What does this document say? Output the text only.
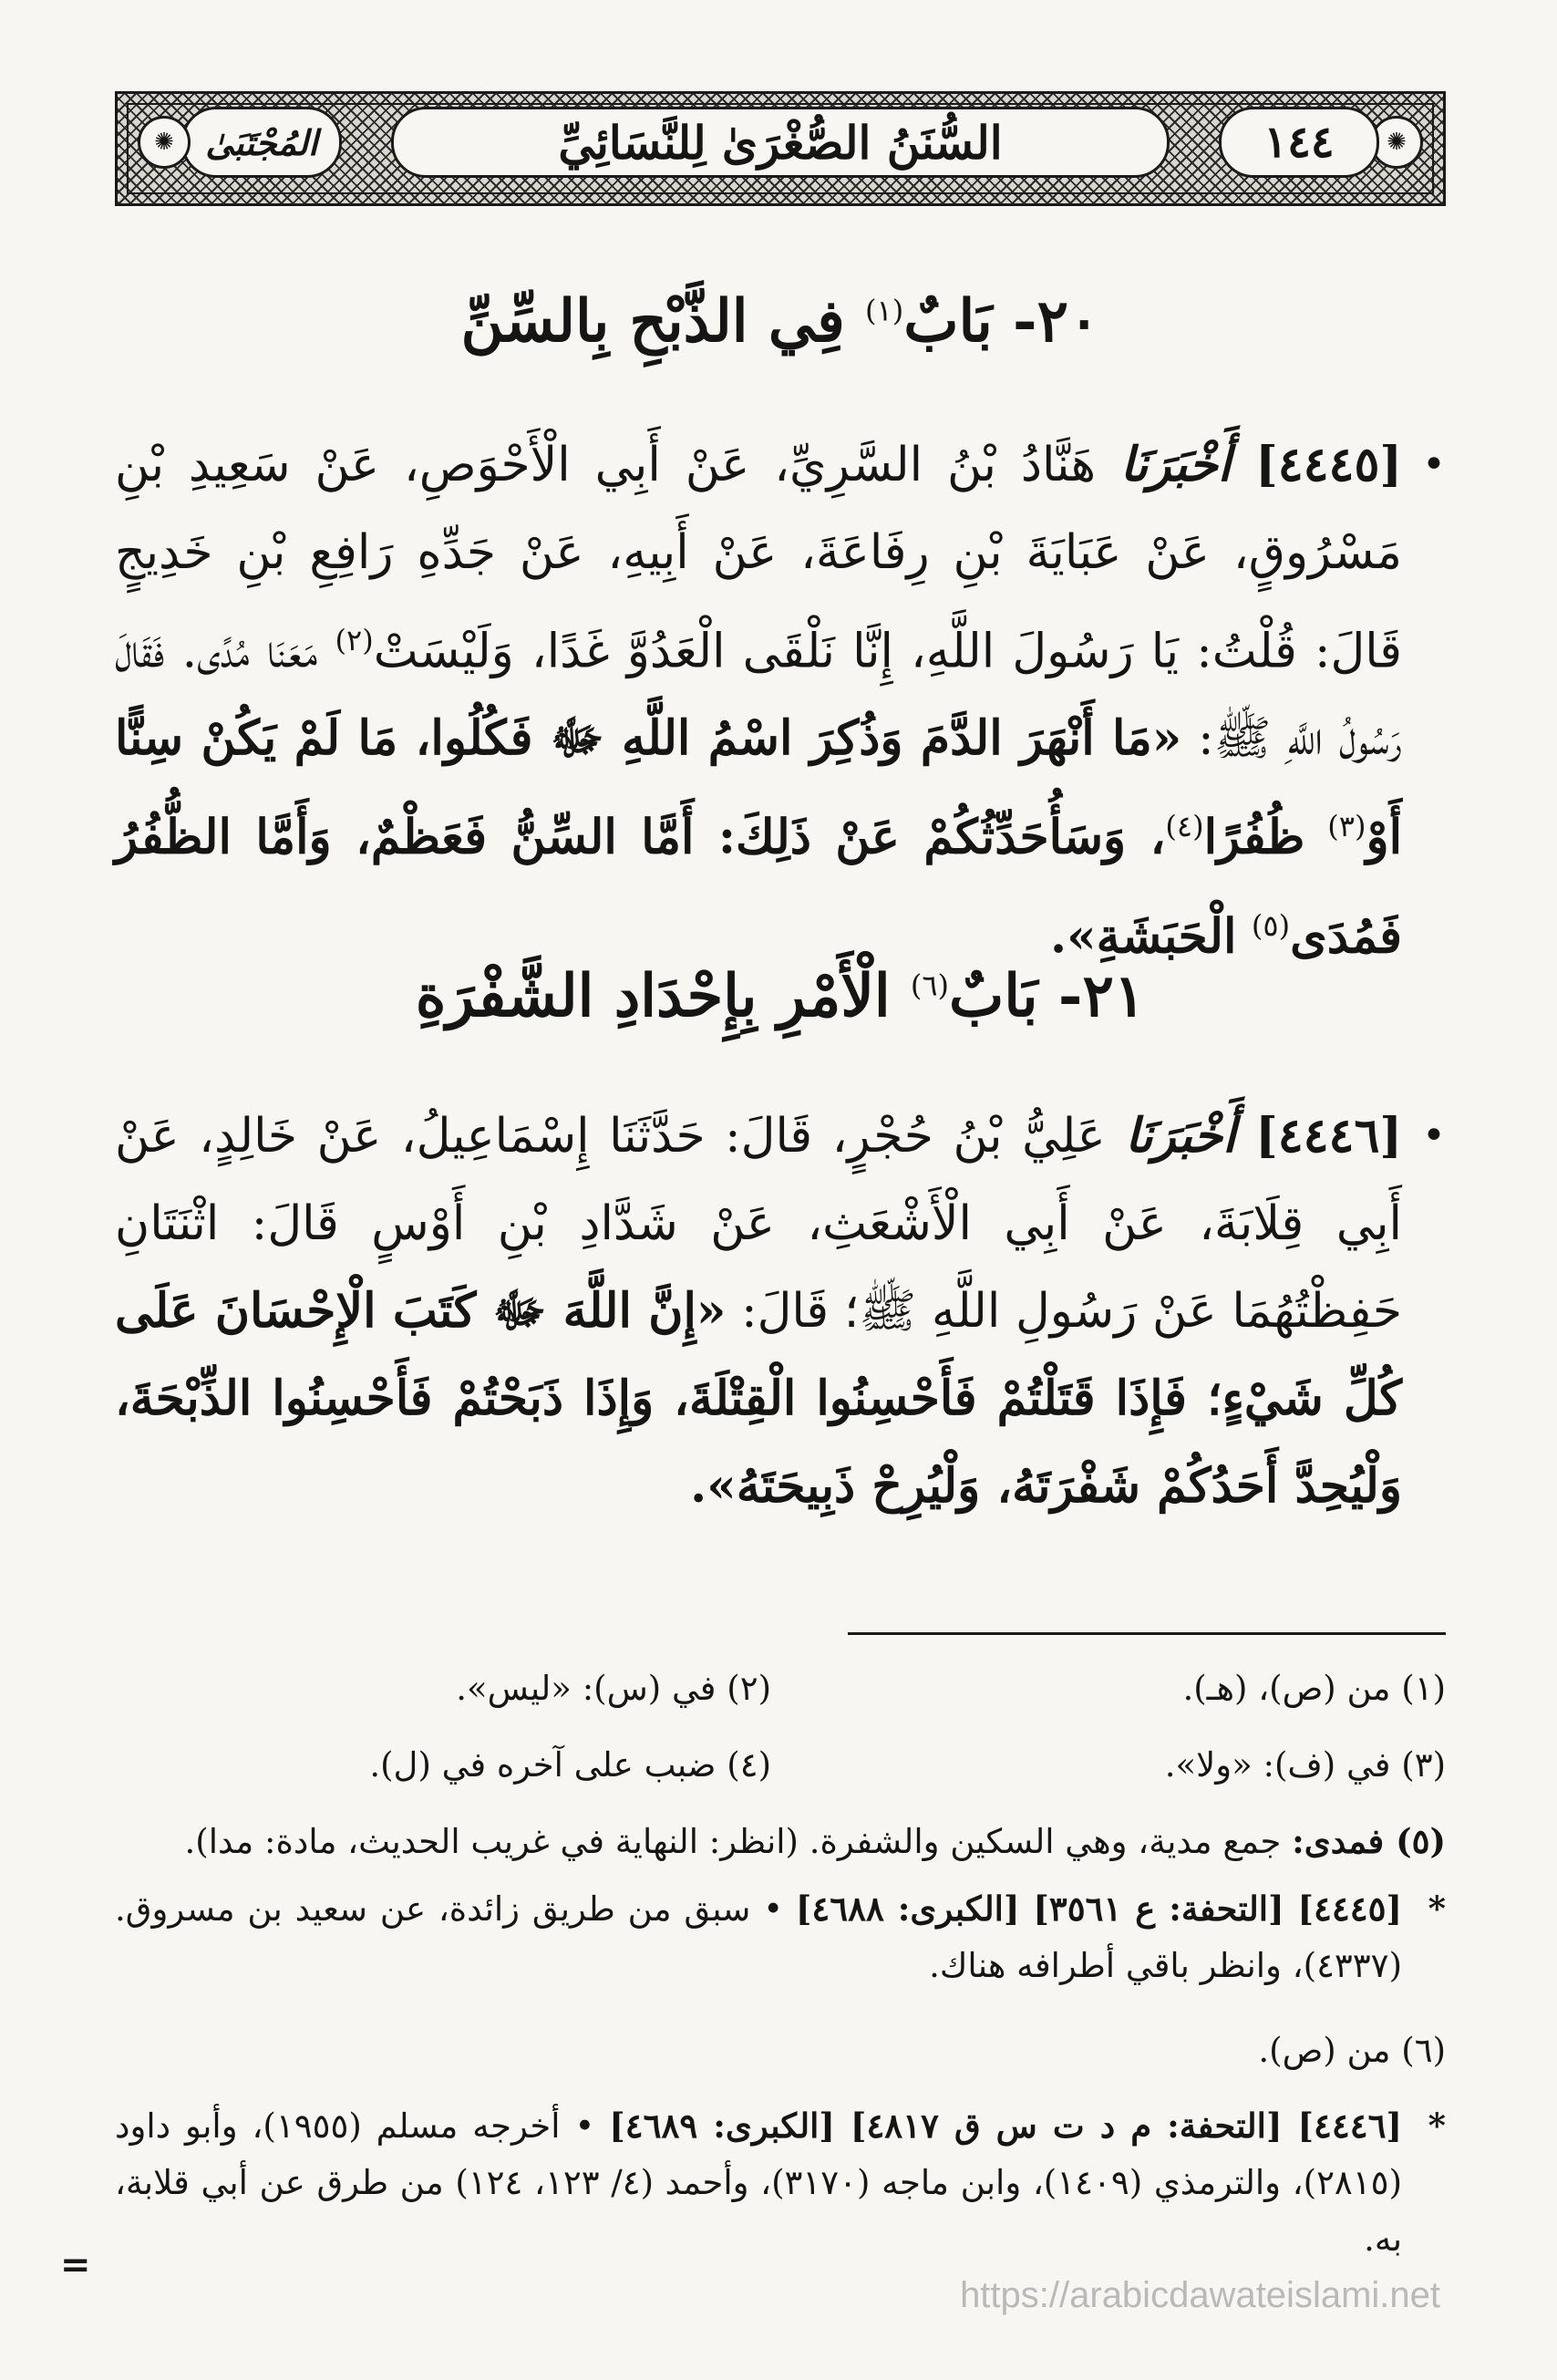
✺
١٤٤
السُّنَنُ الصُّغْرَىٰ لِلنَّسَائِيِّ
المُجْتَبَىٰ
✺
٢٠- بَابٌ$^{(١)}$ فِي الذَّبْحِ بِالسِّنِّ
•
[٤٤٤٥] أَخْبَرَنَا هَنَّادُ بْنُ السَّرِيِّ، عَنْ أَبِي الْأَحْوَصِ، عَنْ سَعِيدِ بْنِ مَسْرُوقٍ، عَنْ عَبَايَةَ بْنِ رِفَاعَةَ، عَنْ أَبِيهِ، عَنْ جَدِّهِ رَافِعِ بْنِ خَدِيجٍ قَالَ: قُلْتُ: يَا رَسُولَ اللَّهِ، إِنَّا نَلْقَى الْعَدُوَّ غَدًا، وَلَيْسَتْ$^{(٢)}$ مَعَنَا مُدًى. فَقَالَ رَسُولُ اللَّهِ ﷺ: «مَا أَنْهَرَ الدَّمَ وَذُكِرَ اسْمُ اللَّهِ ﷻ فَكُلُوا، مَا لَمْ يَكُنْ سِنًّا أَوْ$^{(٣)}$ ظُفُرًا$^{(٤)}$، وَسَأُحَدِّثُكُمْ عَنْ ذَلِكَ: أَمَّا السِّنُّ فَعَظْمٌ، وَأَمَّا الظُّفُرُ فَمُدَى$^{(٥)}$ الْحَبَشَةِ».
٢١- بَابٌ$^{(٦)}$ الْأَمْرِ بِإِحْدَادِ الشَّفْرَةِ
•
[٤٤٤٦] أَخْبَرَنَا عَلِيُّ بْنُ حُجْرٍ، قَالَ: حَدَّثَنَا إِسْمَاعِيلُ، عَنْ خَالِدٍ، عَنْ أَبِي قِلَابَةَ، عَنْ أَبِي الْأَشْعَثِ، عَنْ شَدَّادِ بْنِ أَوْسٍ قَالَ: اثْنَتَانِ حَفِظْتُهُمَا عَنْ رَسُولِ اللَّهِ ﷺ؛ قَالَ: «إِنَّ اللَّهَ ﷻ كَتَبَ الْإِحْسَانَ عَلَى كُلِّ شَيْءٍ؛ فَإِذَا قَتَلْتُمْ فَأَحْسِنُوا الْقِتْلَةَ، وَإِذَا ذَبَحْتُمْ فَأَحْسِنُوا الذِّبْحَةَ، وَلْيُحِدَّ أَحَدُكُمْ شَفْرَتَهُ، وَلْيُرِحْ ذَبِيحَتَهُ».
(١) من (ص)، (هـ).
(٢) في (س): «ليس».
(٣) في (ف): «ولا».
(٤) ضبب على آخره في (ل).
(٥) فمدى: جمع مدية، وهي السكين والشفرة. (انظر: النهاية في غريب الحديث، مادة: مدا).
*
[٤٤٤٥] [التحفة: ع ٣٥٦١] [الكبرى: ٤٦٨٨] • سبق من طريق زائدة، عن سعيد بن مسروق. (٤٣٣٧)، وانظر باقي أطرافه هناك.
(٦) من (ص).
*
[٤٤٤٦] [التحفة: م د ت س ق ٤٨١٧] [الكبرى: ٤٦٨٩] • أخرجه مسلم (١٩٥٥)، وأبو داود (٢٨١٥)، والترمذي (١٤٠٩)، وابن ماجه (٣١٧٠)، وأحمد (٤/ ١٢٣، ١٢٤) من طرق عن أبي قلابة، به.
=
https://arabicdawateislami.net
